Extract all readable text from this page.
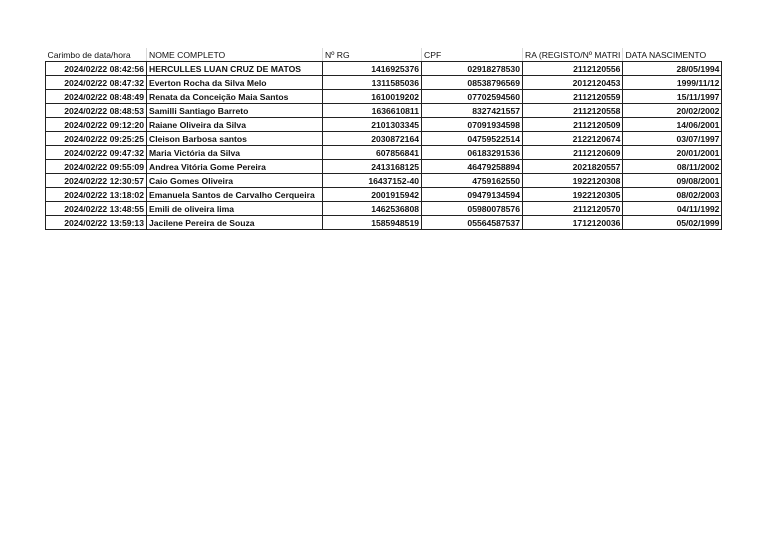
Carimbo de data/hora	NOME COMPLETO	Nº RG	CPF	RA (REGISTO/Nº MATRI	DATA NASCIMENTO
2024/02/22 08:42:56	HERCULLES LUAN CRUZ DE MATOS	1416925376	02918278530	2112120556	28/05/1994
2024/02/22 08:47:32	Everton Rocha da Silva Melo	1311585036	08538796569	2012120453	1999/11/12
2024/02/22 08:48:49	Renata da Conceição Maia Santos	1610019202	07702594560	2112120559	15/11/1997
2024/02/22 08:48:53	Samilli Santiago Barreto	1636610811	8327421557	2112120558	20/02/2002
2024/02/22 09:12:20	Raiane Oliveira da Silva	2101303345	07091934598	2112120509	14/06/2001
2024/02/22 09:25:25	Cleison Barbosa santos	2030872164	04759522514	2122120674	03/07/1997
2024/02/22 09:47:32	Maria Victória da Silva	607856841	06183291536	2112120609	20/01/2001
2024/02/22 09:55:09	Andrea Vitória Gome Pereira	2413168125	46479258894	2021820557	08/11/2002
2024/02/22 12:30:57	Caio Gomes Oliveira	16437152-40	4759162550	1922120308	09/08/2001
2024/02/22 13:18:02	Emanuela Santos de Carvalho Cerqueira	2001915942	09479134594	1922120305	08/02/2003
2024/02/22 13:48:55	Emili de oliveira lima	1462536808	05980078576	2112120570	04/11/1992
2024/02/22 13:59:13	Jacilene Pereira de Souza	1585948519	05564587537	1712120036	05/02/1999
